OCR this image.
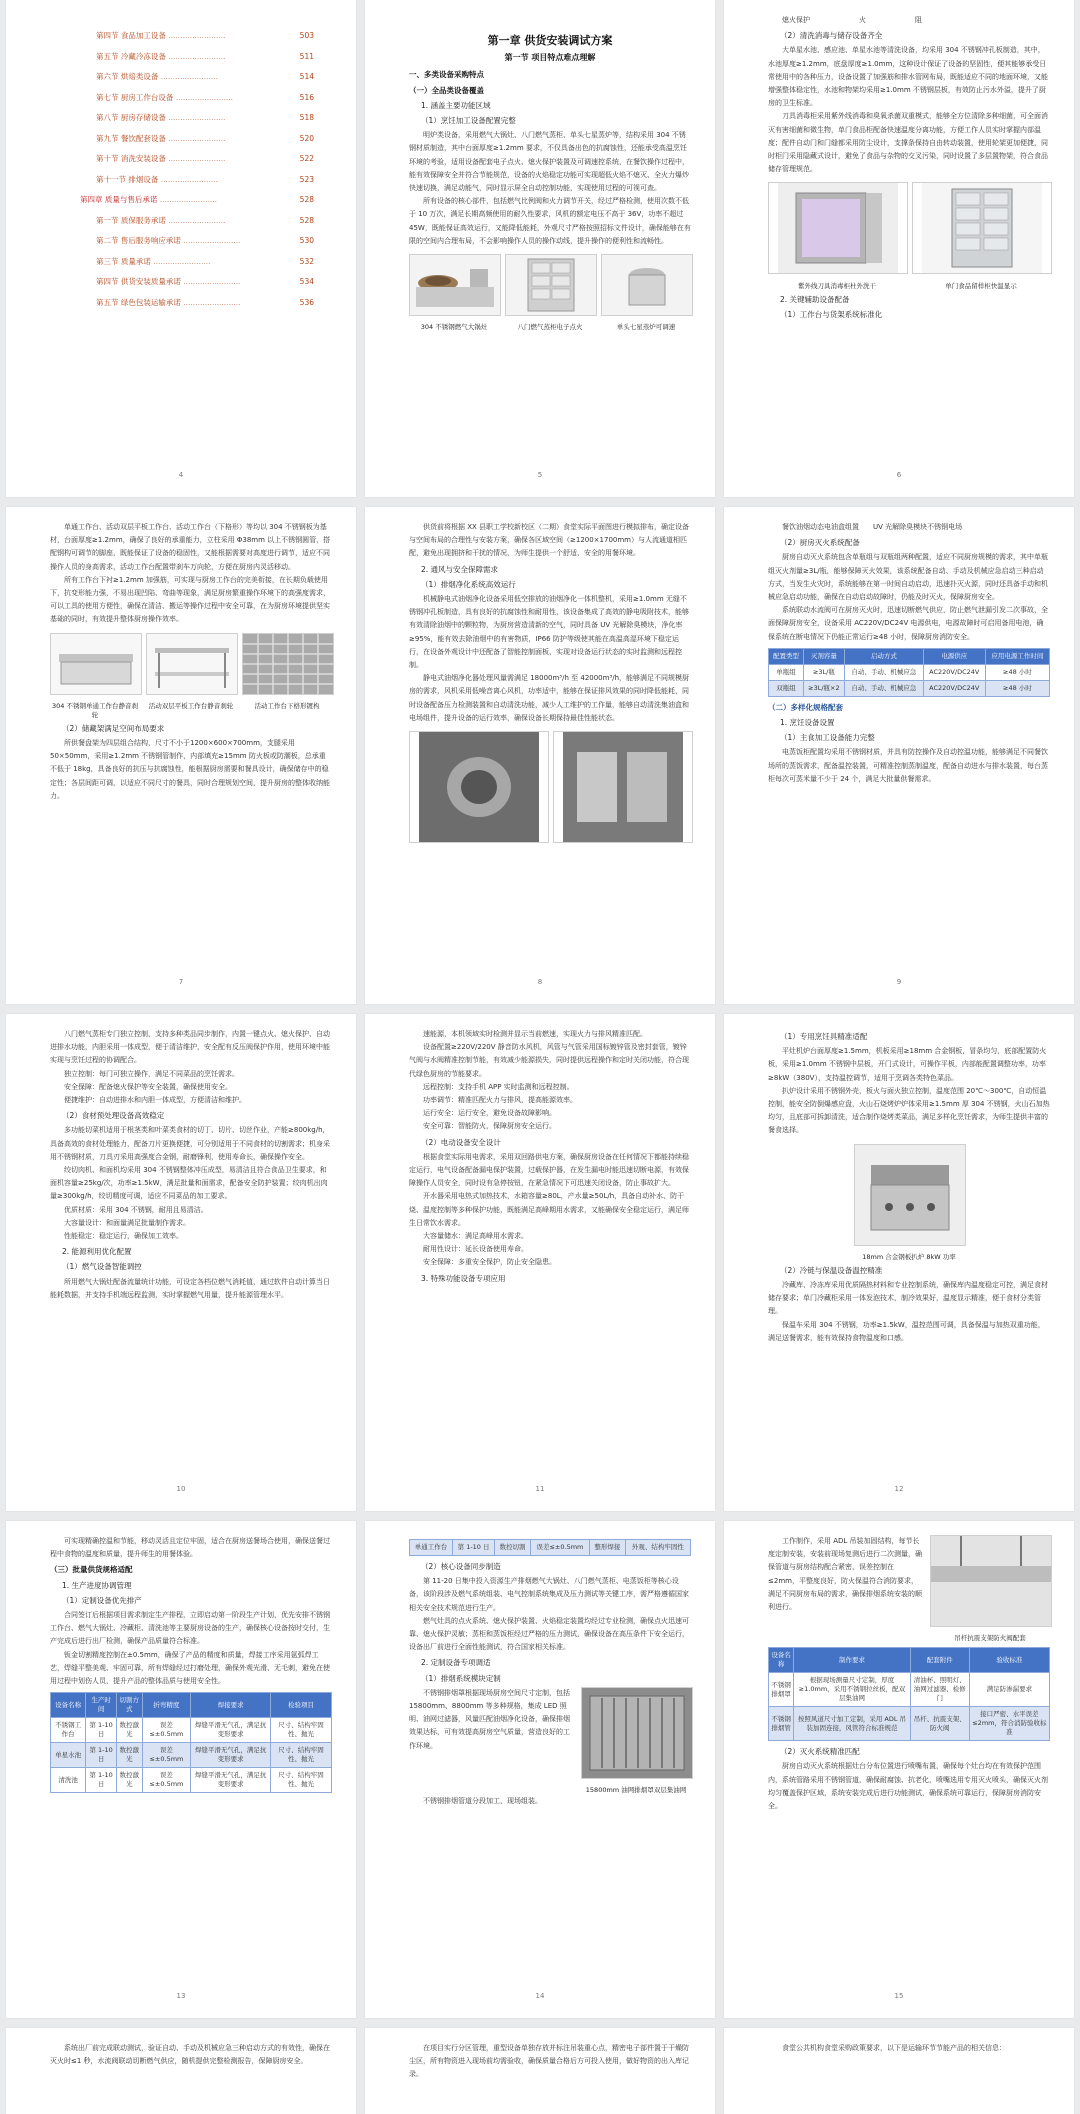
第四节 食品加工设备 ........................	503
第五节 冷藏冷冻设备 ........................	511
第六节 烘焙类设备 ........................	514
第七节 厨房工作台设备 ........................	516
第八节 厨房存储设备 ........................	518
第九节 餐饮配套设备 ........................	520
第十节 消洗安装设备 ........................	522
第十一节 排烟设备 ........................	523
第四章 质量与售后承诺 ........................	528
第一节 质保服务承诺 ........................	528
第二节 售后服务响应承诺 ........................	530
第三节 质量承诺 ........................	532
第四节 供货安装质量承诺 ........................	534
第五节 绿色包装运输承诺 ........................	536
4
第一章 供货安装调试方案
第一节 项目特点难点理解
一、多类设备采购特点
（一）全品类设备覆盖
1. 涵盖主要功能区域
（1）烹饪加工设备配置完整

明炉类设备，采用燃气大锅灶、八门燃气蒸柜、单头七星蒸炉等，结构采用 304 不锈钢材质制造，其中台面厚度≥1.2mm 要求，不仅具备出色的抗腐蚀性，还能承受高温烹饪环境的考验，适用设备配套电子点火、熄火保护装置及可调速控系统，在餐饮操作过程中，能有效保障安全并符合节能规范，设备的火焰稳定功能可实现超低火焰不熄灭、全火力爆炒快速切换，满足动能气，同时显示屏全自动控制功能，实现使用过程的可视可查。

所有设备的核心部件，包括燃气比例阀和火力调节开关，经过严格检测，使用次数不低于 10 万次，满足长期高频使用的耐久性要求，风机的额定电压不高于 36V，功率不超过 45W，既能保证高效运行，又能降低能耗，外观尺寸严格按照招标文件设计，确保能够在有限的空间内合理布局，不会影响操作人员的操作动线，提升操作的便利性和流畅性。

304 不锈钢燃气大锅灶	八门燃气蒸柜电子点火	单头七星蒸炉可调速
5

熄火保护　　　　　　　火　　　　　　　阻

（2）清洗消毒与储存设备齐全

大单星水池、感应池、单星水池等清洗设备，均采用 304 不锈钢冲孔板制造，其中，水池厚度≥1.2mm，底盘厚度≥1.0mm，这种设计保证了设备的坚固性，便其能够承受日常使用中的各种压力，设备设置了加强筋和排水管网布局，既能适应不同的地面环境，又能增强整体稳定性，水池和物架均采用≥1.0mm 不锈钢层板，有效防止污水外溢，提升了厨房的卫生标准。

刀具消毒柜采用紫外线消毒和臭氧杀菌双重模式，能够全方位清除多种细菌，可全面消灭有害细菌和微生物，单门食品柜配备快速温度分离功能，方便工作人员实时掌握内部温度；配件自动门和门缝都采用防尘设计，支撑条保持自由转动装置，使用轮架更加便捷，同时柜门采用隐藏式设计，避免了食品与杂物的交叉污染，同时设置了多层置物架，符合食品储存管理规范。

紫外线刀具消毒柜杜外洗干	单门食品留样柜快温显示
2. 关键辅助设备配备
（1）工作台与货架系统标准化
6

单通工作台、活动双层平板工作台、活动工作台（下格形）等均以 304 不锈钢板为基材，台面厚度≥1.2mm，确保了良好的承重能力，立柱采用 Φ38mm 以上不锈钢圆管，搭配钢构可调节的脚座，既能保证了设备的稳固性，又能根据需要对高度进行调节，适应不同操作人员的身高需求，活动工作台配置带刹车万向轮，方便在厨房内灵活移动。

所有工作台下衬≥1.2mm 加强筋，可实现与厨房工作台的完美衔接，在长期负载使用下，抗变形能力强，不易出现凹陷、弯曲等现象，满足厨房繁重操作环境下的高强度需求，可以工具的使用方便性，确保在清洁、搬运等操作过程中安全可靠，在为厨房环境提供坚实基础的同时，有效提升整体厨房操作效率。

304 不锈钢单通工作台静音刹轮
活动双层平板工作台静音刹轮	活动工作台下格形镀构
（2）储藏架满足空间布局要求

所供餐盘架为四层组合结构，尺寸不小于1200×600×700mm，支腿采用 50×50mm，采用≥1.2mm 不锈钢管制作，内部填充≥15mm 防火板或防潮板，总承重不低于 18kg，具备良好的抗压与抗腐蚀性，能根据厨房需要和餐具设计，确保储存中的稳定性；各层间距可调，以适应不同尺寸的餐具，同时合理规划空间，提升厨房的整体收纳能力。

7

供货前将根据 XX 县职工学校新校区（二期）食堂实际平面图进行模拟排布，确定设备与空间布局的合理性与安装方案，确保各区域空间（≥1200×1700mm）与人流通道相匹配，避免出现拥挤和干扰的情况，为师生提供一个舒适、安全的用餐环境。

2. 通风与安全保障需求
（1）排烟净化系统高效运行

机械静电式油烟净化设备采用低空排放的油烟净化一体机整机，采用≥1.0mm 无缝不锈钢冲孔板制造，具有良好的抗腐蚀性和耐用性，该设备集成了高效的静电吸附技术，能够有效清除油烟中的颗粒物，为厨房营造清新的空气，同时具备 UV 光解除臭模块，净化率≥95%，能有效去除油烟中的有害物质，IP66 防护等级使其能在高温高湿环境下稳定运行，在设备外观设计中还配备了智能控制面板，实现对设备运行状态的实时监测和远程控制。

静电式油烟净化器处理风量需满足 18000m³/h 至 42000m³/h，能够满足不同规模厨房的需求，风机采用低噪音离心风机，功率适中，能够在保证排风效果的同时降低能耗，同时设备配备压力检测装置和自动清洗功能，减少人工维护的工作量，能够自动清洗集油盒和电场组件，提升设备的运行效率，确保设备长期保持最佳性能状态。

8

餐饮油烟动态电油盒组置　　UV 光解除臭模块不锈钢电场

（2）厨房灭火系统配备

厨房自动灭火系统包含单瓶组与双瓶组两种配置，适应不同厨房规模的需求，其中单瓶组灭火剂量≥3L/瓶，能够保障灭火效果，该系统配备自动、手动及机械应急启动三种启动方式，当发生火灾时，系统能够在第一时间自动启动，迅速扑灭火源，同时还具备手动和机械应急启动功能，确保在自动启动故障时，仍能及时灭火，保障厨房安全。

系统联动水流阀可在厨房灭火时，迅速切断燃气供应，防止燃气泄漏引发二次事故，全面保障厨房安全，设备采用 AC220V/DC24V 电源供电，电源故障时可启用备用电池，确保系统在断电情况下仍能正常运行≥48 小时，保障厨房消防安全。

配置类型	灭剂容量	启动方式	电源供应	应用电源工作时间
单瓶组	≥3L/瓶	自动、手动、机械应急	AC220V/DC24V	≥48 小时
双瓶组	≥3L/瓶×2	自动、手动、机械应急	AC220V/DC24V	≥48 小时
（二）多样化规格配套
1. 烹饪设备设置
（1）主食加工设备能力完整

电蒸饭柜配置均采用不锈钢材质，并具有防控操作及自动控温功能，能够满足不同餐饮场所的蒸饭需求，配备温控装置，可精准控制蒸制温度，配备自动进水与排水装置，每台蒸柜每次可蒸米量不少于 24 个，满足大批量供餐需求。

9

八门燃气蒸柜专门独立控制，支持多种类品同步制作，内置一键点火、熄火保护、自动进排水功能，内胆采用一体成型，便于清洁维护，安全配有反压阀保护作用，使用环境中能实现与烹饪过程的协调配合。

独立控制：每门可独立操作，满足不同菜品的烹饪需求。

安全保障：配备熄火保护等安全装置，确保使用安全。

便捷维护：自动进排水和内胆一体成型，方便清洁和维护。

（2）食材预处理设备高效稳定

多功能切菜机适用于根茎类和叶菜类食材的切丁、切片、切丝作业，产能≥800kg/h，具备高效的食材处理能力，配备刀片更换便捷，可分别适用于不同食材的切割需求；机身采用不锈钢材质，刀具刃采用高强度合金钢，耐磨锋利，使用寿命长，确保操作安全。

绞切肉机、和面机均采用 304 不锈钢整体冲压成型，易清洁且符合食品卫生要求，和面机容量≥25kg/次，功率≥1.5kW，满足批量和面需求，配备安全防护装置；绞肉机出肉量≥300kg/h，绞切精度可调，适应不同菜品的加工要求。

优质材质：采用 304 不锈钢，耐用且易清洁。

大容量设计：和面量满足批量制作需求。

性能稳定：稳定运行，确保加工效率。

2. 能源利用优化配置
（1）燃气设备智能调控

所用燃气大锅灶配备流量统计功能，可设定各档位燃气消耗值，通过软件自动计算当日能耗数据，并支持手机端远程监测，实时掌握燃气用量，提升能源管理水平。

10

速能源，本机领域实时检测并显示当前燃速，实现火力与排风精准匹配。

设备配置≥220V/220V 静音防水风机，风管与气管采用国标镀锌管及密封套管，镀锌气阀与水阀精准控制节能，有效减少能源损失，同时提供远程操作和定时关闭功能，符合现代绿色厨房的节能要求。

远程控制：支持手机 APP 实时监测和远程控制。

功率调节：精准匹配火力与排风，提高能源效率。

运行安全：运行安全，避免设备故障影响。

安全可靠：智能防火，保障厨房安全运行。

（2）电动设备安全设计

根据食堂实际用电需求，采用双回路供电方案，确保厨房设备在任何情况下都能持续稳定运行，电气设备配备漏电保护装置，过载保护器，在发生漏电时能迅速切断电源，有效保障操作人员安全，同时设有急停按钮，在紧急情况下可迅速关闭设备，防止事故扩大。

开水器采用电热式加热技术，水箱容量≥80L，产水量≥50L/h，具备自动补水、防干烧、温度控制等多种保护功能，既能满足高峰期用水需求，又能确保安全稳定运行，满足师生日常饮水需求。

大容量储水：满足高峰用水需求。

耐用性设计：延长设备使用寿命。

安全保障：多重安全保护，防止安全隐患。

3. 特殊功能设备专项应用
11
（1）专用烹饪具精准适配

平灶机炉台面厚度≥1.5mm，机板采用≥18mm 合金钢板，冒条均匀，底部配置防火板，采用≥1.0mm 不锈钢中层板，开门式设计，可操作平板，内部能配置调整功率，功率≥8kW（380V），支持温控调节，适用于烹调各类特色菜品。

扒炉设计采用不锈钢外壳，板火与面火独立控制，温度范围 20℃～300℃，自动恒温控制，能安全防倒爆感应盘，火山石烧烤炉炉体采用≥1.5mm 厚 304 不锈钢，火山石加热均匀，且底部可拆卸清洗，适合制作烧烤类菜品，满足多样化烹饪需求，为师生提供丰富的餐食选择。

18mm 合金钢板扒炉 8kW 功率
（2）冷链与保温设备温控精准

冷藏库、冷冻库采用优质隔热材料和专业控制系统，确保库内温度稳定可控，满足食材储存要求；单门冷藏柜采用一体发泡技术，制冷效果好，温度显示精准，便于食材分类管理。

保温车采用 304 不锈钢，功率≥1.5kW，温控范围可调，具备保温与加热双重功能，满足送餐需求，能有效保持食物温度和口感。

12

可实现精确控温和节能，移动灵活且定位牢固，适合在厨房送餐场合使用，确保送餐过程中食物的温度和质量，提升师生的用餐体验。

（三）批量供货规格适配
1. 生产进度协调管理
（1）定制设备优先排产

合同签订后根据项目需求制定生产排程，立即启动第一阶段生产计划，优先安排不锈钢工作台、燃气大锅灶、冷藏柜、清洗池等主要厨房设备的生产，确保核心设备按时交付，生产完成后进行出厂检测，确保产品质量符合标准。

钣金切割精度控制在±0.5mm，确保了产品的精度和质量，焊接工序采用氩弧焊工艺，焊缝平整美观、牢固可靠，所有焊缝经过打磨处理，确保外观光滑、无毛刺，避免在使用过程中划伤人员，提升产品的整体品质与使用安全性。

设备名称	生产时间	切割方式	折弯精度	焊接要求	检验项目
不锈钢工作台	第 1-10 日	数控激光	误差≤±0.5mm	焊缝平滑无气孔，满足抗变形要求	尺寸、结构牢固性、抛光
单星水池	第 1-10 日	数控激光	误差≤±0.5mm	焊缝平滑无气孔，满足抗变形要求	尺寸、结构牢固性、抛光
清洗池	第 1-10 日	数控激光	误差≤±0.5mm	焊缝平滑无气孔，满足抗变形要求	尺寸、结构牢固性、抛光
13
单通工作台	第 1-10 日	数控切割	误差≤±0.5mm	整形焊接	外观、结构牢固性
（2）核心设备同步制造

第 11-20 日集中投入资源生产排烟燃气大锅灶、八门燃气蒸柜、电蒸饭柜等核心设备，该阶段涉及燃气系统组装、电气控制系统集成及压力测试等关键工序，需严格遵循国家相关安全技术规范进行生产。

燃气灶具的点火系统、熄火保护装置、火焰稳定装置均经过专业检测，确保点火迅速可靠、熄火保护灵敏；蒸柜和蒸饭柜经过严格的压力测试，确保设备在高压条件下安全运行，设备出厂前进行全面性能测试，符合国家相关标准。

2. 定制设备专项调适
（1）排烟系统模块定制

不锈钢排烟罩根据现场厨房空间尺寸定制，包括 15800mm、8800mm 等多种规格，集成 LED 照明、油网过滤器，风量匹配油烟净化设备，确保排烟效果达标，可有效提高厨房空气质量，营造良好的工作环境。

15800mm 油网排烟罩双层集油网

不锈钢排烟管道分段加工，现场组装。

14

工作制作，采用 ADL 吊装加固结构，每节长度定制安装，安装前现场复测后进行二次测量，确保管道与厨房结构配合紧密，误差控制在≤2mm，平整度良好，防火保温符合消防要求，满足不同厨房布局的需求，确保排烟系统安装的顺利进行。

吊杆抗震支架防火阀配套
设备名称	制作要求	配套附件	验收标准
不锈钢排烟罩	根据现场测量尺寸定制，厚度≥1.0mm，采用不锈钢拉丝板，配双层集油网	清油杯、照明灯、油网过滤器、检修门	满足防渗漏要求
不锈钢排烟管	按照风道尺寸加工定制，采用 ADL 吊装加固连接，风管符合标准规范	吊杆、抗震支架、防火阀	接口严密、水平误差≤2mm，符合消防验收标准
（2）灭火系统精准匹配

厨房自动灭火系统根据灶台分布位置进行喷嘴布置，确保每个灶台均在有效保护范围内，系统管路采用不锈钢管道，确保耐腐蚀、抗老化，喷嘴选用专用灭火喷头，确保灭火剂均匀覆盖保护区域，系统安装完成后进行功能测试，确保系统可靠运行，保障厨房消防安全。

15

系统出厂前完成联动测试，验证自动、手动及机械应急三种启动方式的有效性，确保在灭火时≤1 秒，水流阀联动切断燃气供应，随机提供完整检测报告，保障厨房安全。

在项目实行分区管理，重型设备单独存放并标注吊装重心点，精密电子部件置于干燥防尘区，所有物资进入现场前均需验收，确保质量合格后方可投入使用，做好物资的出入库记录。

食堂公共机构食堂采购政策要求，以下是运输环节节能产品的相关信息：
